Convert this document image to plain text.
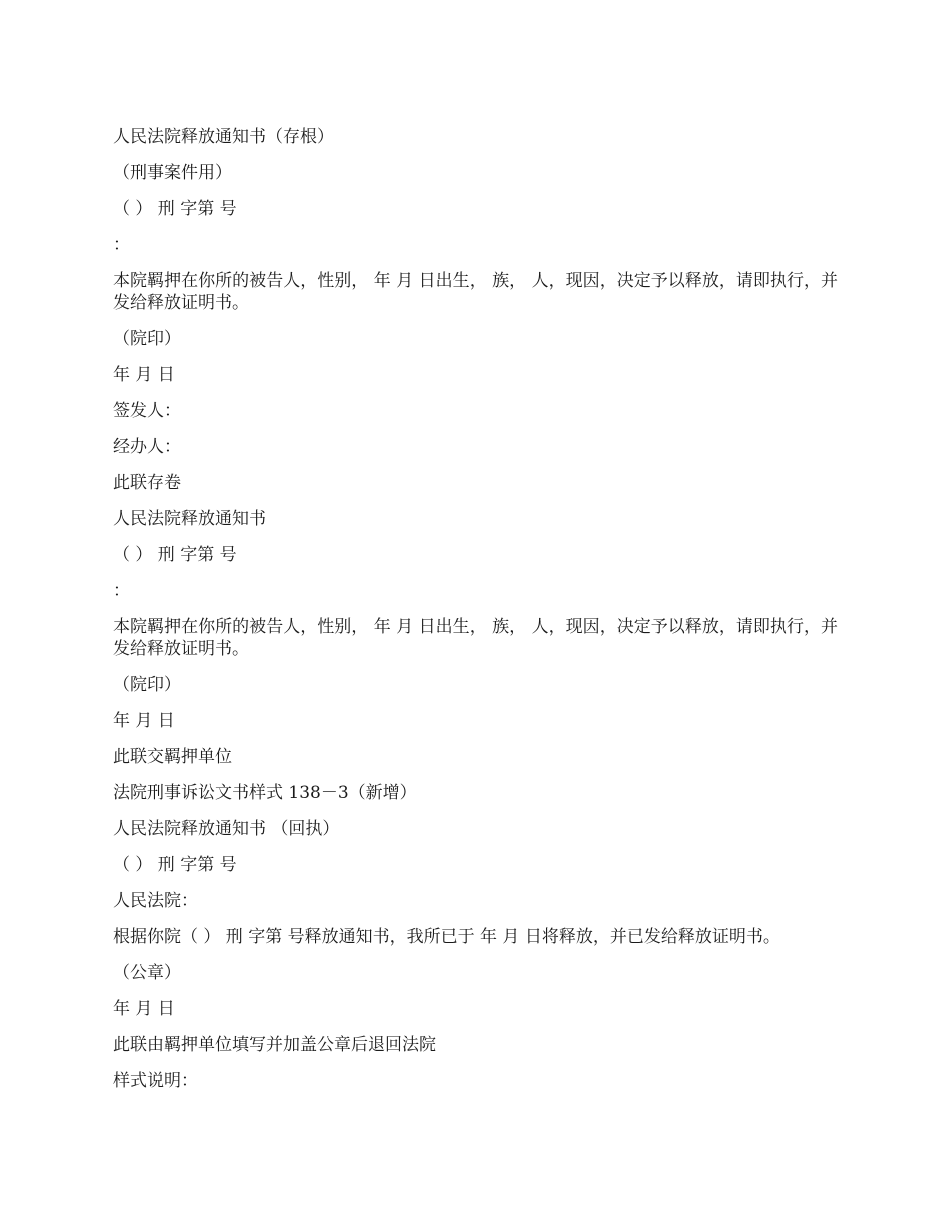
人民法院释放通知书（存根）

（刑事案件用）

（ ） 刑 字第 号

：

本院羁押在你所的被告人，性别， 年 月 日出生， 族， 人，现因，决定予以释放，请即执行，并发给释放证明书。

（院印）

年 月 日

签发人：

经办人：

此联存卷

人民法院释放通知书

（ ） 刑 字第 号

：

本院羁押在你所的被告人，性别， 年 月 日出生， 族， 人，现因，决定予以释放，请即执行，并发给释放证明书。

（院印）

年 月 日

此联交羁押单位

法院刑事诉讼文书样式 138－3（新增）

人民法院释放通知书 （回执）

（ ） 刑 字第 号

人民法院：

根据你院（ ） 刑 字第 号释放通知书，我所已于 年 月 日将释放，并已发给释放证明书。

（公章）

年 月 日

此联由羁押单位填写并加盖公章后退回法院

样式说明：
